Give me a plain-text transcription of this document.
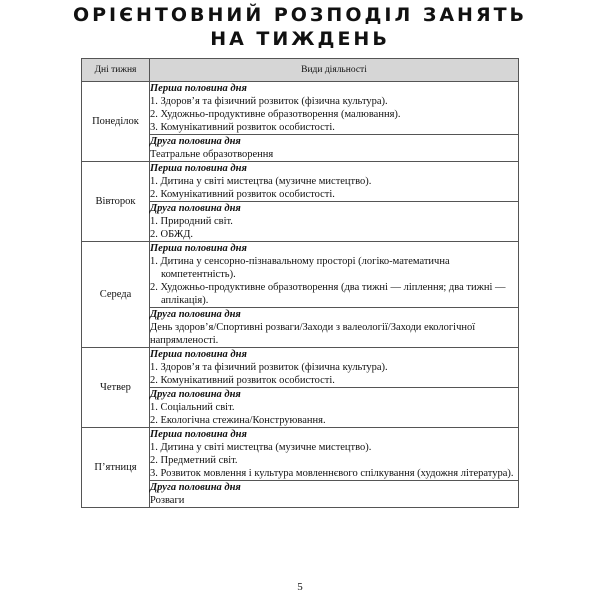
ОРІЄНТОВНИЙ РОЗПОДІЛ ЗАНЯТЬ
НА ТИЖДЕНЬ
Дні тижня	Види діяльності
Понеділок	Перша половина дня
1. Здоров’я та фізичний розвиток (фізична культура).
2. Художньо-продуктивне образотворення (малювання).
3. Комунікативний розвиток особистості.

	Друга половина дня
Театральне образотворення

Вівторок	Перша половина дня
1. Дитина у світі мистецтва (музичне мистецтво).
2. Комунікативний розвиток особистості.

	Друга половина дня
1. Природний світ.
2. ОБЖД.

Середа	Перша половина дня
1. Дитина у сенсорно-пізнавальному просторі (логіко-математична компетентність).
2. Художньо-продуктивне образотворення (два тижні — ліплення; два тижні — аплікація).

	Друга половина дня
День здоров’я/Спортивні розваги/Заходи з валеології/Заходи екологічної напрямленості.

Четвер	Перша половина дня
1. Здоров’я та фізичний розвиток (фізична культура).
2. Комунікативний розвиток особистості.

	Друга половина дня
1. Соціальний світ.
2. Екологічна стежина/Конструювання.

П’ятниця	Перша половина дня
1. Дитина у світі мистецтва (музичне мистецтво).
2. Предметний світ.
3. Розвиток мовлення і культура мовленнєвого спілкування (художня література).

	Друга половина дня
Розваги
5
